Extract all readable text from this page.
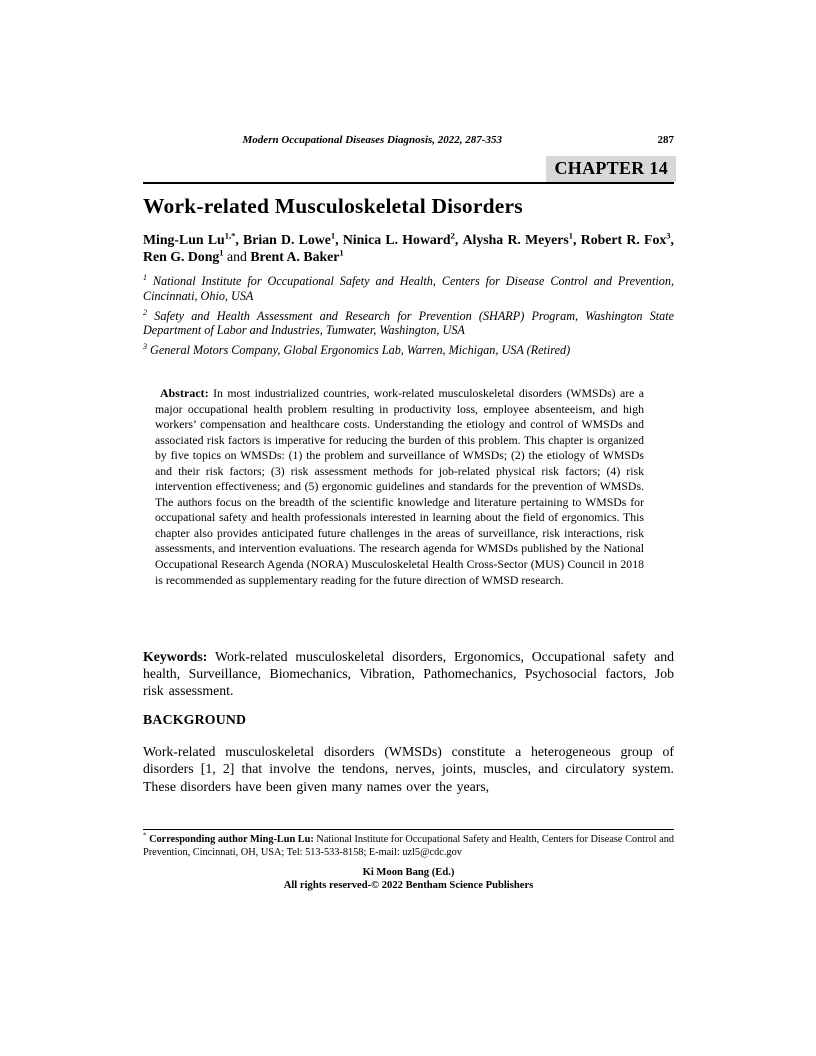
Modern Occupational Diseases Diagnosis, 2022, 287-353	287
CHAPTER 14
Work-related Musculoskeletal Disorders

Ming-Lun $Lu^{1,*}$, Brian D. Lowe$^1$, Ninica L. Howard$^2$, Alysha R. Meyers$^1$, Robert R. Fox$^3$, Ren G. Dong$^1$ and Brent A. Baker$^1$

$^1$ National Institute for Occupational Safety and Health, Centers for Disease Control and Prevention, Cincinnati, Ohio, USA

$^2$ Safety and Health Assessment and Research for Prevention (SHARP) Program, Washington State Department of Labor and Industries, Tumwater, Washington, USA

$^3$ General Motors Company, Global Ergonomics Lab, Warren, Michigan, USA (Retired)

Abstract: In most industrialized countries, work-related musculoskeletal disorders (WMSDs) are a major occupational health problem resulting in productivity loss, employee absenteeism, and high workers’ compensation and healthcare costs. Understanding the etiology and control of WMSDs and associated risk factors is imperative for reducing the burden of this problem. This chapter is organized by five topics on WMSDs: (1) the problem and surveillance of WMSDs; (2) the etiology of WMSDs and their risk factors; (3) risk assessment methods for job-related physical risk factors; (4) risk intervention effectiveness; and (5) ergonomic guidelines and standards for the prevention of WMSDs. The authors focus on the breadth of the scientific knowledge and literature pertaining to WMSDs for occupational safety and health professionals interested in learning about the field of ergonomics. This chapter also provides anticipated future challenges in the areas of surveillance, risk interactions, risk assessments, and intervention evaluations. The research agenda for WMSDs published by the National Occupational Research Agenda (NORA) Musculoskeletal Health Cross-Sector (MUS) Council in 2018 is recommended as supplementary reading for the future direction of WMSD research.

Keywords: Work-related musculoskeletal disorders, Ergonomics, Occupational safety and health, Surveillance, Biomechanics, Vibration, Pathomechanics, Psychosocial factors, Job risk assessment.

BACKGROUND

Work-related musculoskeletal disorders (WMSDs) constitute a heterogeneous group of disorders [1, 2] that involve the tendons, nerves, joints, muscles, and circulatory system. These disorders have been given many names over the years,

* Corresponding author Ming-Lun Lu: National Institute for Occupational Safety and Health, Centers for Disease Control and Prevention, Cincinnati, OH, USA; Tel: 513-533-8158; E-mail: uzl5@cdc.gov

Ki Moon Bang (Ed.)
All rights reserved-© 2022 Bentham Science Publishers
